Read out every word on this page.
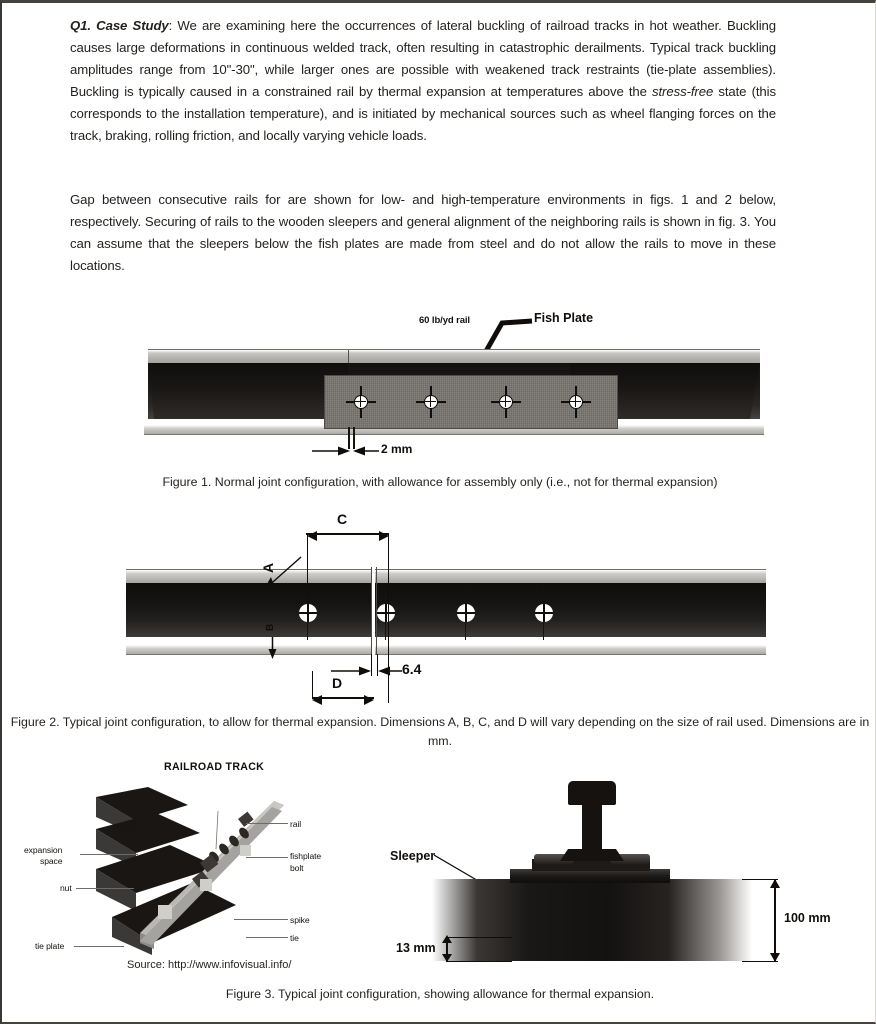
Q1. Case Study: We are examining here the occurrences of lateral buckling of railroad tracks in hot weather. Buckling causes large deformations in continuous welded track, often resulting in catastrophic derailments. Typical track buckling amplitudes range from 10"-30", while larger ones are possible with weakened track restraints (tie-plate assemblies). Buckling is typically caused in a constrained rail by thermal expansion at temperatures above the stress-free state (this corresponds to the installation temperature), and is initiated by mechanical sources such as wheel flanging forces on the track, braking, rolling friction, and locally varying vehicle loads.
Gap between consecutive rails for are shown for low- and high-temperature environments in figs. 1 and 2 below, respectively. Securing of rails to the wooden sleepers and general alignment of the neighboring rails is shown in fig. 3. You can assume that the sleepers below the fish plates are made from steel and do not allow the rails to move in these locations.
60 lb/yd rail	Fish Plate
2 mm
Figure 1. Normal joint configuration, with allowance for assembly only (i.e., not for thermal expansion)
C
A
B
6.4
D
Figure 2. Typical joint configuration, to allow for thermal expansion. Dimensions A, B, C, and D will vary depending on the size of rail used. Dimensions are in mm.
RAILROAD TRACK
Source: http://www.infovisual.info/
expansion
space
nut
tie plate
rail
fishplate
bolt
spike
tie
Sleeper
100 mm
13 mm
Figure 3. Typical joint configuration, showing allowance for thermal expansion.
